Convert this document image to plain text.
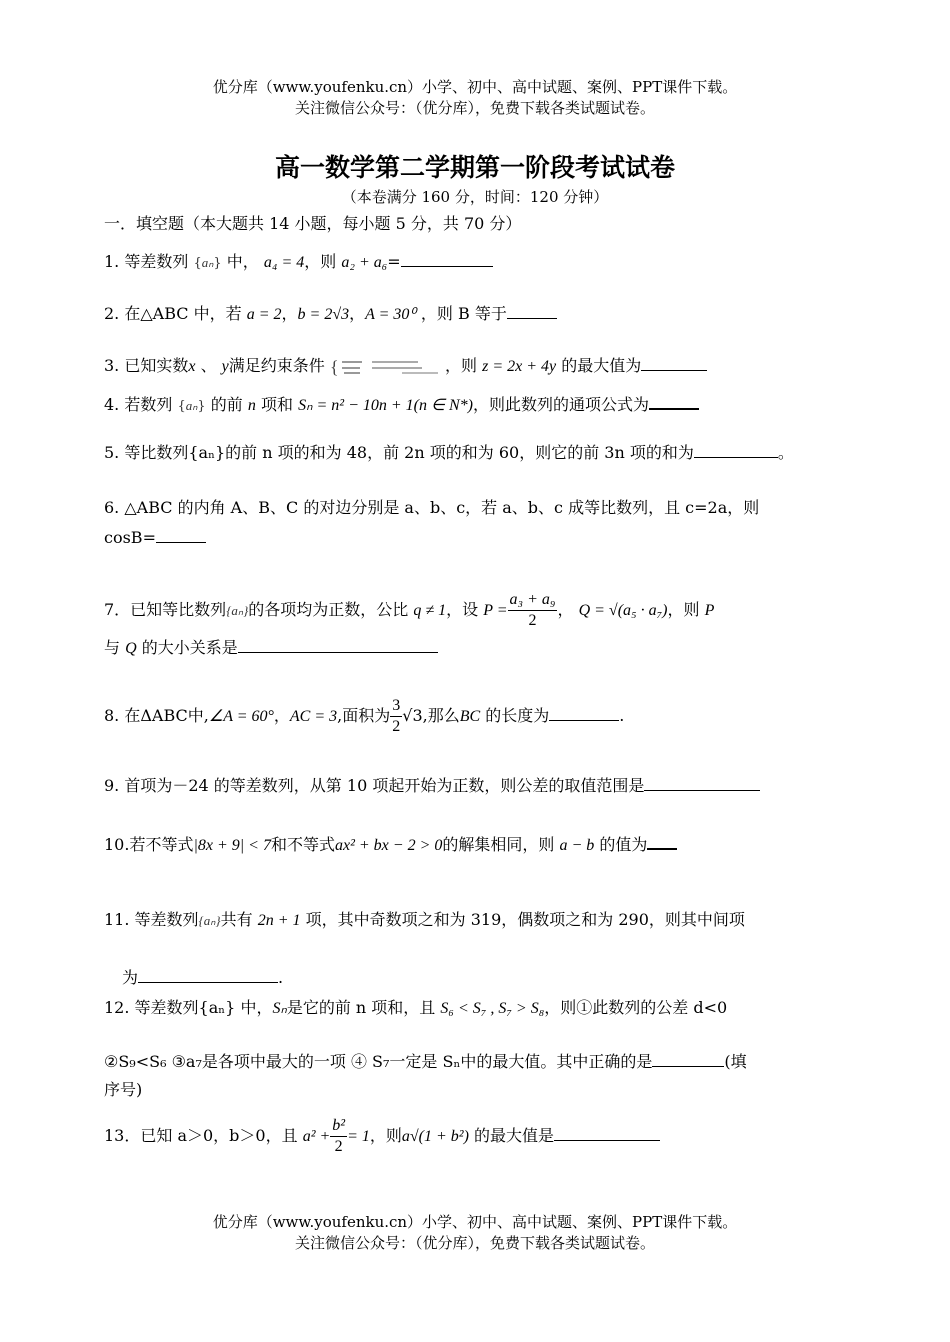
优分库（www.youfenku.cn）小学、初中、高中试题、案例、PPT课件下载。
关注微信公众号：（优分库），免费下载各类试题试卷。
高一数学第二学期第一阶段考试试卷
（本卷满分 160 分，时间：120 分钟）
一．填空题（本大题共 14 小题，每小题 5 分，共 70 分）
1. 等差数列 {aₙ} 中， a₄ = 4，则 a₂ + a₆=
2. 在△ABC 中，若 a = 2，b = 2√3，A = 30⁰ ，则 B 等于
3. 已知实数x 、 y满足约束条件 {	，则 z = 2x + 4y 的最大值为
4. 若数列 {aₙ} 的前 n 项和 Sₙ = n² − 10n + 1(n ∈ N*)，则此数列的通项公式为
5. 等比数列{aₙ}的前 n 项的和为 48，前 2n 项的和为 60，则它的前 3n 项的和为	。
6. △ABC 的内角 A、B、C 的对边分别是 a、b、c，若 a、b、c 成等比数列，且 c=2a，则
cosB=
7．已知等比数列{aₙ}的各项均为正数，公比 q ≠ 1，设 $P = \frac{\text{a₃ + a₉}}{2}$ ， Q = √(a₅ · a₇)，则 P
与 Q 的大小关系是
8. 在ΔABC中,∠A = 60°，AC = 3,面积为 $\frac{3}{2} √3$,那么BC 的长度为	.
9. 首项为－24 的等差数列，从第 10 项起开始为正数，则公差的取值范围是
10.若不等式|8x + 9| < 7和不等式ax² + bx − 2 > 0的解集相同，则 a − b 的值为
11. 等差数列{aₙ}共有 2n + 1 项，其中奇数项之和为 319，偶数项之和为 290，则其中间项
为	.
12. 等差数列{aₙ} 中，Sₙ是它的前 n 项和，且 S₆ < S₇ , S₇ > S₈，则①此数列的公差 d<0
②S₉<S₆ ③a₇是各项中最大的一项 ④ S₇一定是 Sₙ中的最大值。其中正确的是	(填
序号)
13．已知 a＞0，b＞0，且 $a^2 + \frac{\text{b²}}{2} = 1$，则a√(1 + b²) 的最大值是
优分库（www.youfenku.cn）小学、初中、高中试题、案例、PPT课件下载。
关注微信公众号：（优分库），免费下载各类试题试卷。
